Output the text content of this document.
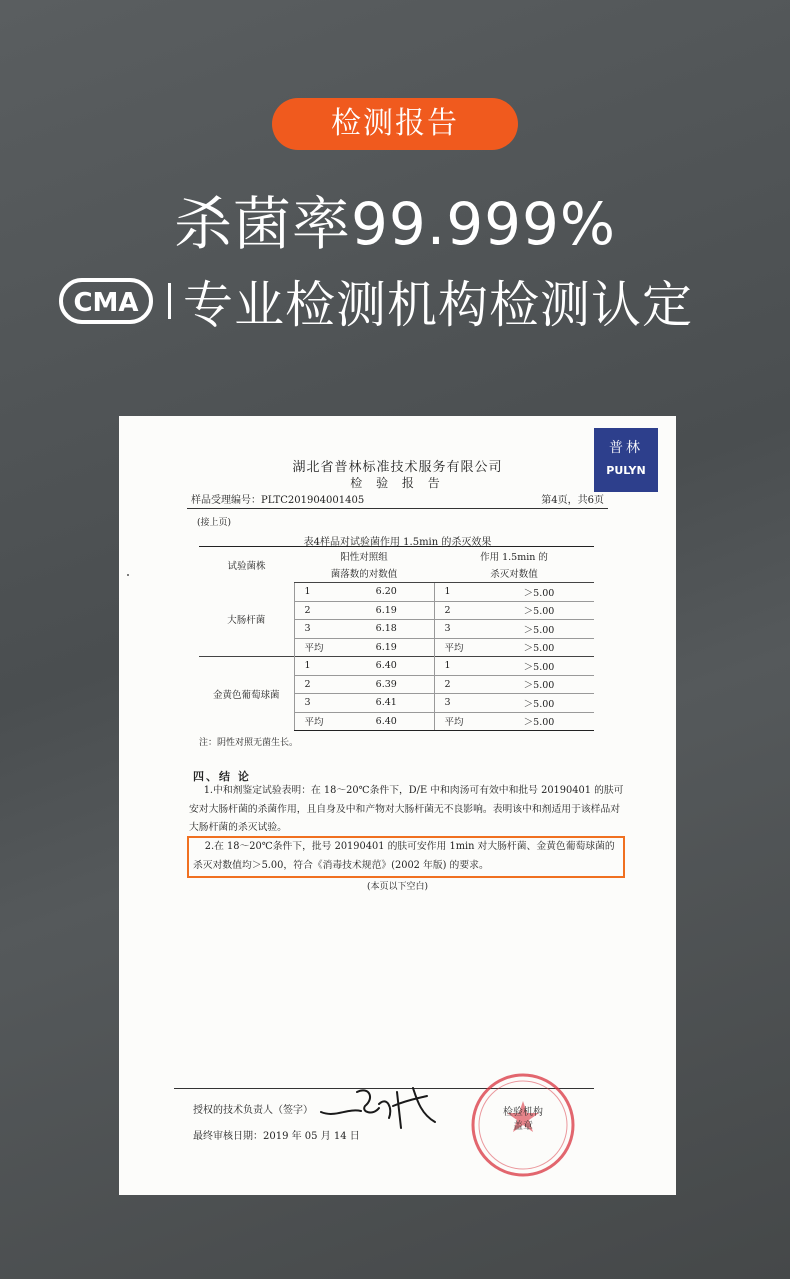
检测报告
杀菌率99.999%
CMA 专业检测机构检测认定
普林
PULYN
湖北省普林标准技术服务有限公司
检 验 报 告
样品受理编号：PLTC201904001405	第4页，共6页
(接上页)
表4样品对试验菌作用 1.5min 的杀灭效果
试验菌株	阳性对照组		作用 1.5min 的	
	菌落数的对数值		杀灭对数值	
大肠杆菌	1	6.20	1	＞5.00
	2	6.19	2	＞5.00
	3	6.18	3	＞5.00
	平均	6.19	平均	＞5.00
金黄色葡萄球菌	1	6.40	1	＞5.00
	2	6.39	2	＞5.00
	3	6.41	3	＞5.00
	平均	6.40	平均	＞5.00
注：阴性对照无菌生长。
四、结 论
1.中和剂鉴定试验表明：在 18～20℃条件下，D/E 中和肉汤可有效中和批号 20190401 的肤可安对大肠杆菌的杀菌作用，且自身及中和产物对大肠杆菌无不良影响。表明该中和剂适用于该样品对大肠杆菌的杀灭试验。
2.在 18～20℃条件下，批号 20190401 的肤可安作用 1min 对大肠杆菌、金黄色葡萄球菌的杀灭对数值均＞5.00，符合《消毒技术规范》(2002 年版) 的要求。
(本页以下空白)
授权的技术负责人（签字）
最终审核日期：2019 年 05 月 14 日
检验机构
盖章
